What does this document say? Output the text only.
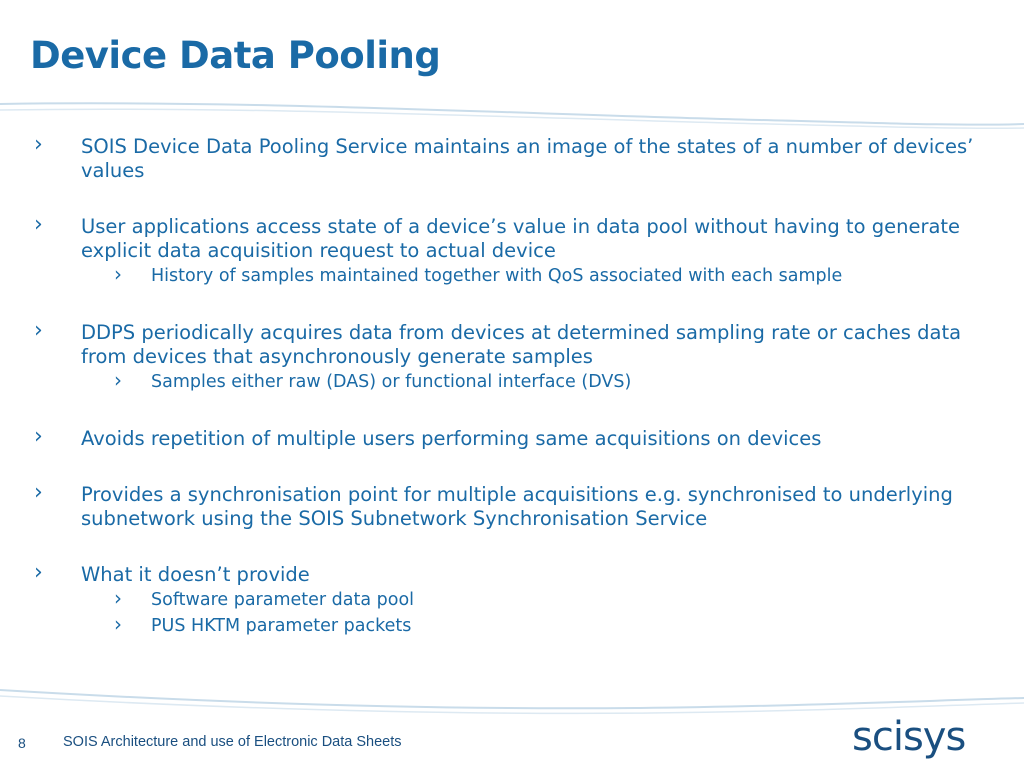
Device Data Pooling
› SOIS Device Data Pooling Service maintains an image of the states of a number of devices’ values
› User applications access state of a device’s value in data pool without having to generate explicit data acquisition request to actual device
› History of samples maintained together with QoS associated with each sample
› DDPS periodically acquires data from devices at determined sampling rate or caches data from devices that asynchronously generate samples
› Samples either raw (DAS) or functional interface (DVS)
› Avoids repetition of multiple users performing same acquisitions on devices
› Provides a synchronisation point for multiple acquisitions e.g. synchronised to underlying subnetwork using the SOIS Subnetwork Synchronisation Service
› What it doesn’t provide
› Software parameter data pool
› PUS HKTM parameter packets
8	SOIS Architecture and use of Electronic Data Sheets	scisys
